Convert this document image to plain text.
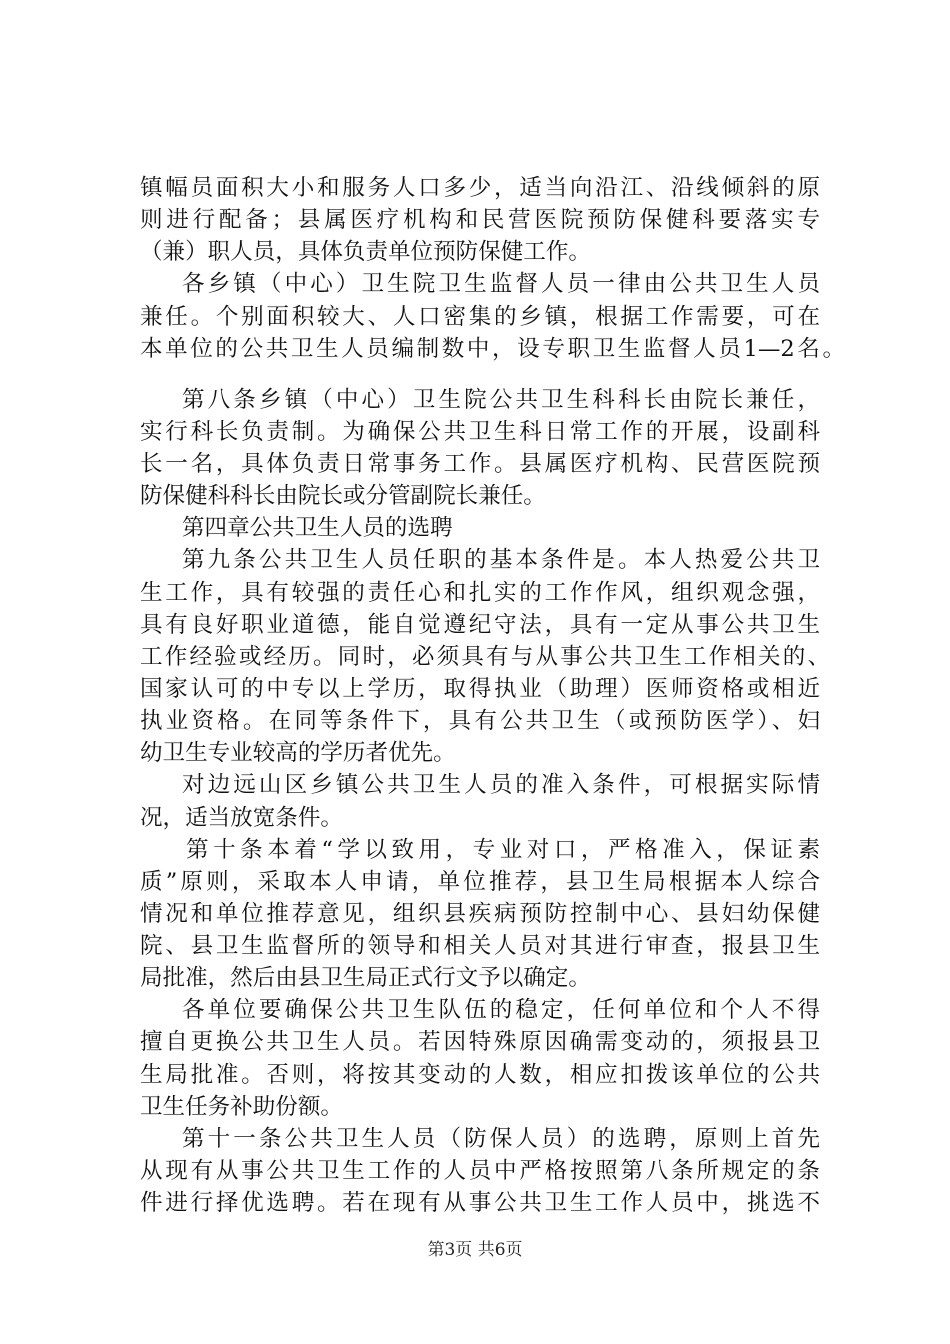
镇幅员面积大小和服务人口多少，适当向沿江、沿线倾斜的原
则进行配备；县属医疗机构和民营医院预防保健科要落实专
（兼）职人员，具体负责单位预防保健工作。
各乡镇（中心）卫生院卫生监督人员一律由公共卫生人员
兼任。个别面积较大、人口密集的乡镇，根据工作需要，可在
本单位的公共卫生人员编制数中，设专职卫生监督人员1—2名。
第八条乡镇（中心）卫生院公共卫生科科长由院长兼任，
实行科长负责制。为确保公共卫生科日常工作的开展，设副科
长一名，具体负责日常事务工作。县属医疗机构、民营医院预
防保健科科长由院长或分管副院长兼任。
第四章公共卫生人员的选聘
第九条公共卫生人员任职的基本条件是。本人热爱公共卫
生工作，具有较强的责任心和扎实的工作作风，组织观念强，
具有良好职业道德，能自觉遵纪守法，具有一定从事公共卫生
工作经验或经历。同时，必须具有与从事公共卫生工作相关的、
国家认可的中专以上学历，取得执业（助理）医师资格或相近
执业资格。在同等条件下，具有公共卫生（或预防医学）、妇
幼卫生专业较高的学历者优先。
对边远山区乡镇公共卫生人员的准入条件，可根据实际情
况，适当放宽条件。
第十条本着“学以致用，专业对口，严格准入，保证素
质”原则，采取本人申请，单位推荐，县卫生局根据本人综合
情况和单位推荐意见，组织县疾病预防控制中心、县妇幼保健
院、县卫生监督所的领导和相关人员对其进行审查，报县卫生
局批准，然后由县卫生局正式行文予以确定。
各单位要确保公共卫生队伍的稳定，任何单位和个人不得
擅自更换公共卫生人员。若因特殊原因确需变动的，须报县卫
生局批准。否则，将按其变动的人数，相应扣拨该单位的公共
卫生任务补助份额。
第十一条公共卫生人员（防保人员）的选聘，原则上首先
从现有从事公共卫生工作的人员中严格按照第八条所规定的条
件进行择优选聘。若在现有从事公共卫生工作人员中，挑选不
第3页 共6页
